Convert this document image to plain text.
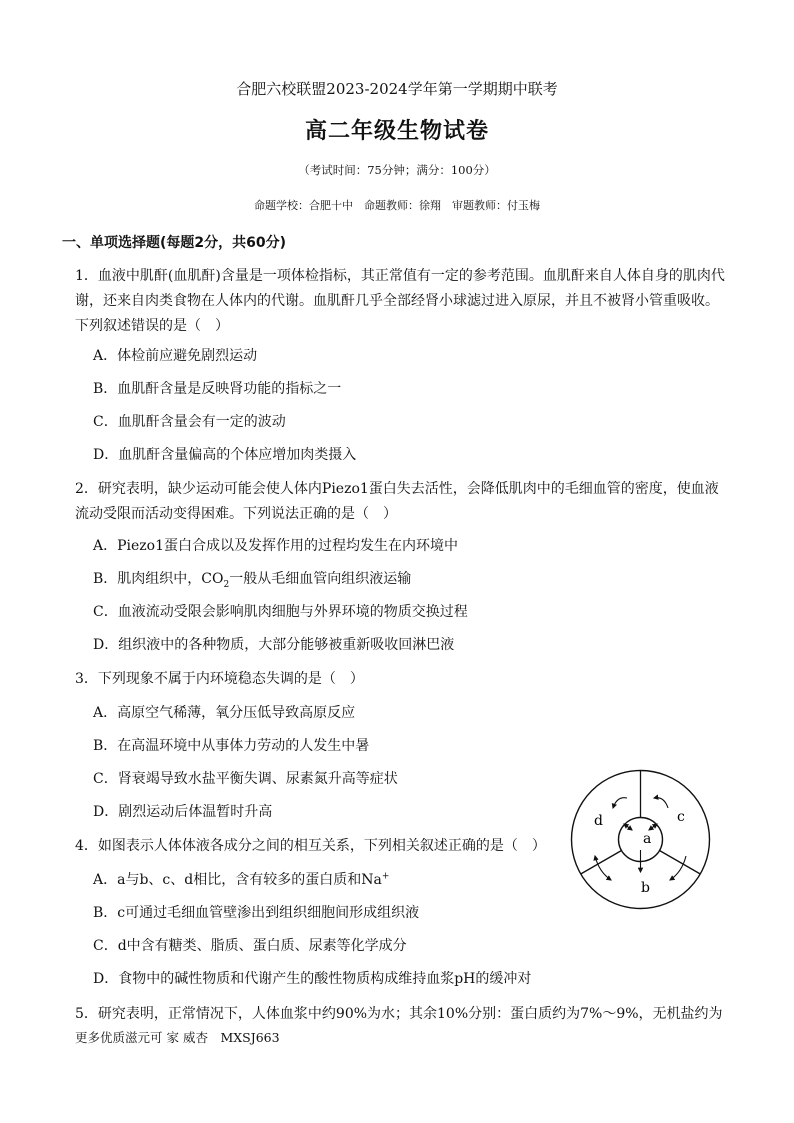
合肥六校联盟2023-2024学年第一学期期中联考
高二年级生物试卷
（考试时间：75分钟；满分：100分）
命题学校：合肥十中　命题教师：徐翔　审题教师：付玉梅
一、单项选择题(每题2分，共60分)
1．血液中肌酐(血肌酐)含量是一项体检指标，其正常值有一定的参考范围。血肌酐来自人体自身的肌肉代谢，还来自肉类食物在人体内的代谢。血肌酐几乎全部经肾小球滤过进入原尿，并且不被肾小管重吸收。下列叙述错误的是（　）
A．体检前应避免剧烈运动
B．血肌酐含量是反映肾功能的指标之一
C．血肌酐含量会有一定的波动
D．血肌酐含量偏高的个体应增加肉类摄入
2．研究表明，缺少运动可能会使人体内Piezo1蛋白失去活性，会降低肌肉中的毛细血管的密度，使血液流动受限而活动变得困难。下列说法正确的是（　）
A．Piezo1蛋白合成以及发挥作用的过程均发生在内环境中
B．肌肉组织中，$CO_2$一般从毛细血管向组织液运输
C．血液流动受限会影响肌肉细胞与外界环境的物质交换过程
D．组织液中的各种物质，大部分能够被重新吸收回淋巴液
3．下列现象不属于内环境稳态失调的是（　）
A．高原空气稀薄，氧分压低导致高原反应
B．在高温环境中从事体力劳动的人发生中暑
C．肾衰竭导致水盐平衡失调、尿素氮升高等症状
D．剧烈运动后体温暂时升高
4．如图表示人体体液各成分之间的相互关系，下列相关叙述正确的是（　）
A．a与b、c、d相比，含有较多的蛋白质和Na+
B．c可通过毛细血管壁渗出到组织细胞间形成组织液
C．d中含有糖类、脂质、蛋白质、尿素等化学成分
D．食物中的碱性物质和代谢产生的酸性物质构成维持血浆pH的缓冲对
a
b
c
d
5．研究表明，正常情况下，人体血浆中约90%为水；其余10%分别：蛋白质约为7%～9%，无机盐约为
更多优质滋元可 家 威杏　MXSJ663
